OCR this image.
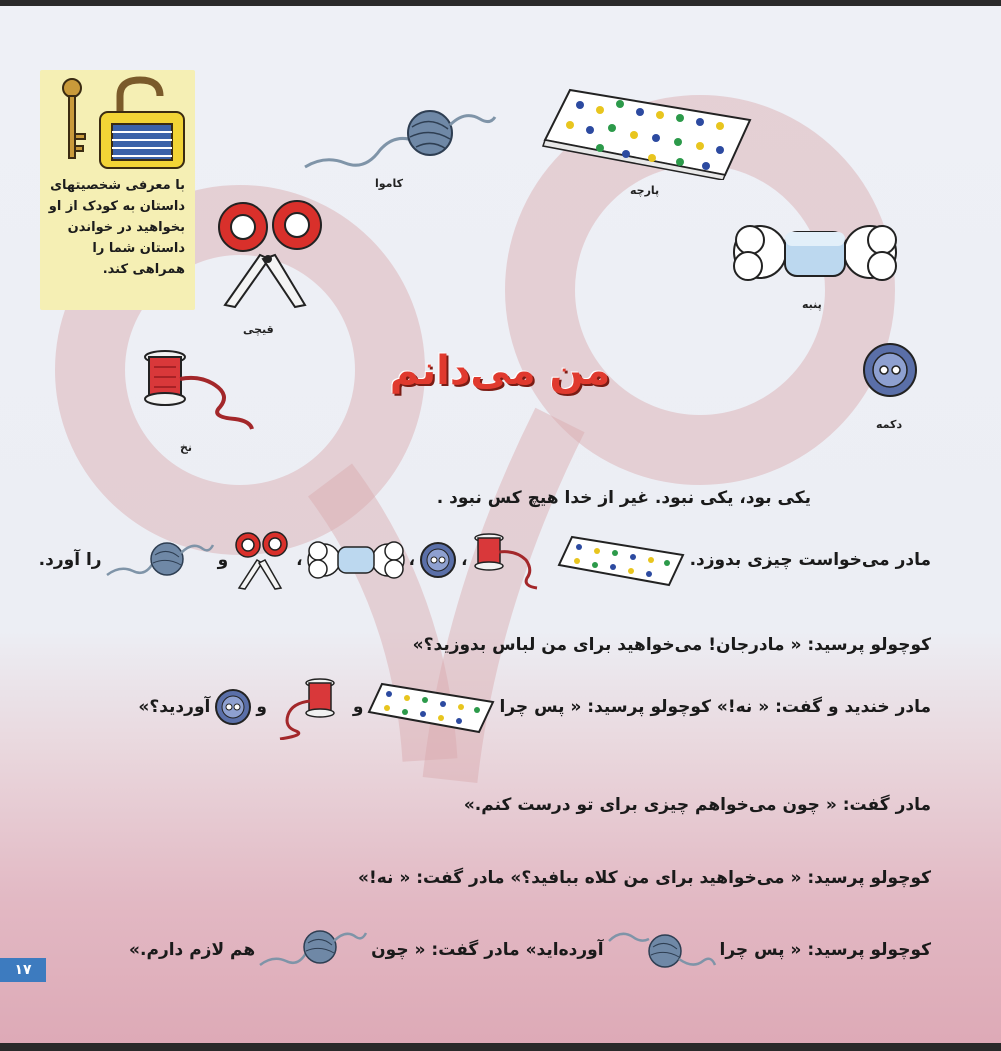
با معرفی شخصیتهای
داستان به کودک از او
بخواهید در خواندن
داستان شما را
همراهی کند.
کاموا
پارچه
پنبه
قیچی
من می‌دانم
نخ
دکمه
یکی بود، یکی نبود. غیر از خدا هیچ کس نبود .
مادر می‌خواست چیزی بدوزد.
،
،
،
و
را آورد.
کوچولو پرسید: « مادرجان! می‌خواهید برای من لباس بدوزید؟»
مادر خندید و گفت: « نه!» کوچولو پرسید: « پس چرا
و
و
آوردید؟»
مادر گفت: « چون می‌خواهم چیزی برای تو درست کنم.»
کوچولو پرسید: « می‌خواهید برای من کلاه ببافید؟» مادر گفت: « نه!»
کوچولو پرسید: « پس چرا
آورده‌اید» مادر گفت: « چون
هم لازم دارم.»
۱۷
